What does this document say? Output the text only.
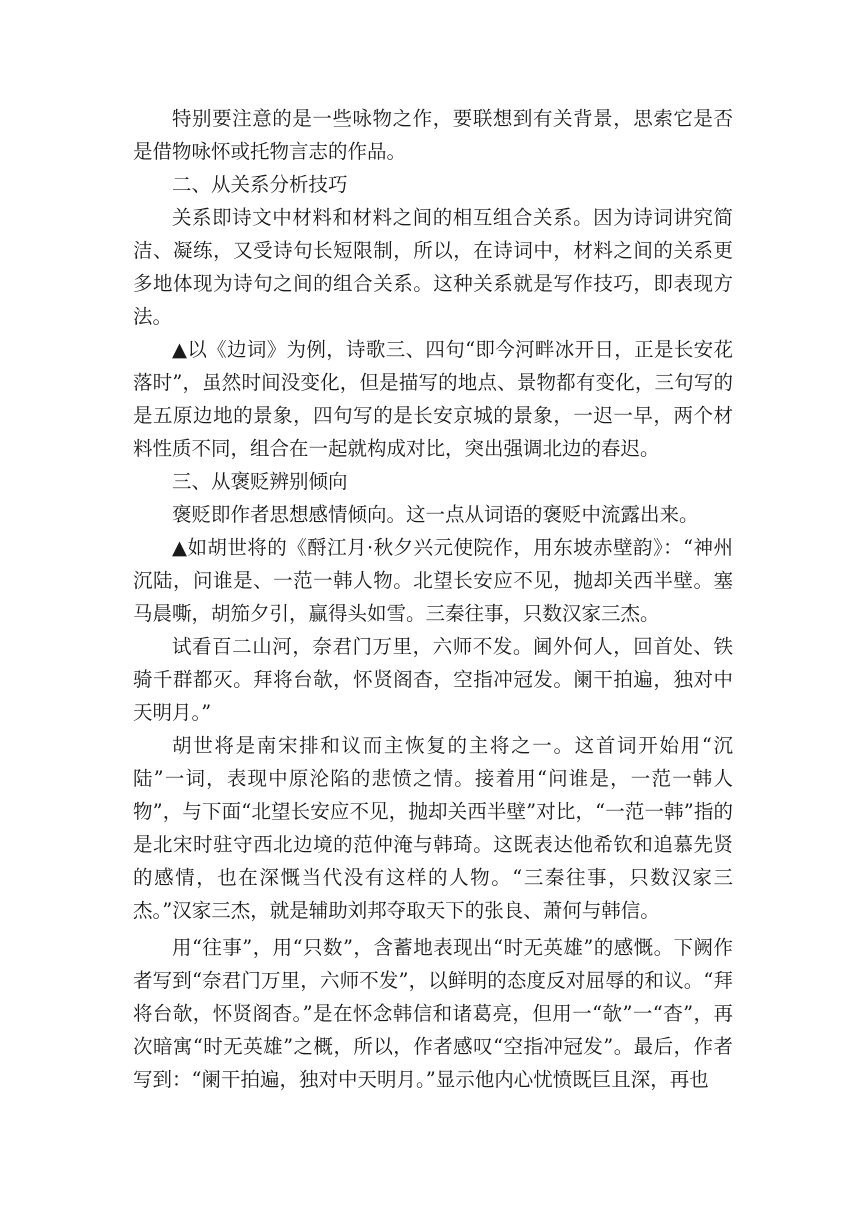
特别要注意的是一些咏物之作，要联想到有关背景，思索它是否是借物咏怀或托物言志的作品。

二、从关系分析技巧

关系即诗文中材料和材料之间的相互组合关系。因为诗词讲究简洁、凝练，又受诗句长短限制，所以，在诗词中，材料之间的关系更多地体现为诗句之间的组合关系。这种关系就是写作技巧，即表现方法。

▲以《边词》为例，诗歌三、四句“即今河畔冰开日，正是长安花落时”，虽然时间没变化，但是描写的地点、景物都有变化，三句写的是五原边地的景象，四句写的是长安京城的景象，一迟一早，两个材料性质不同，组合在一起就构成对比，突出强调北边的春迟。

三、从褒贬辨别倾向

褒贬即作者思想感情倾向。这一点从词语的褒贬中流露出来。

▲如胡世将的《酹江月·秋夕兴元使院作，用东坡赤壁韵》：“神州沉陆，问谁是、一范一韩人物。北望长安应不见，抛却关西半壁。塞马晨嘶，胡笳夕引，赢得头如雪。三秦往事，只数汉家三杰。

试看百二山河，奈君门万里，六师不发。阃外何人，回首处、铁骑千群都灭。拜将台欹，怀贤阁杳，空指冲冠发。阑干拍遍，独对中天明月。”

胡世将是南宋排和议而主恢复的主将之一。这首词开始用“沉陆”一词，表现中原沦陷的悲愤之情。接着用“问谁是，一范一韩人物”，与下面“北望长安应不见，抛却关西半壁”对比，“一范一韩”指的是北宋时驻守西北边境的范仲淹与韩琦。这既表达他希钦和追慕先贤的感情，也在深慨当代没有这样的人物。“三秦往事，只数汉家三杰。”汉家三杰，就是辅助刘邦夺取天下的张良、萧何与韩信。

用“往事”，用“只数”，含蓄地表现出“时无英雄”的感慨。下阙作者写到“奈君门万里，六师不发”，以鲜明的态度反对屈辱的和议。“拜将台欹，怀贤阁杳。”是在怀念韩信和诸葛亮，但用一“欹”一“杳”，再次暗寓“时无英雄”之概，所以，作者感叹“空指冲冠发”。最后，作者写到：“阑干拍遍，独对中天明月。”显示他内心忧愤既巨且深，再也
